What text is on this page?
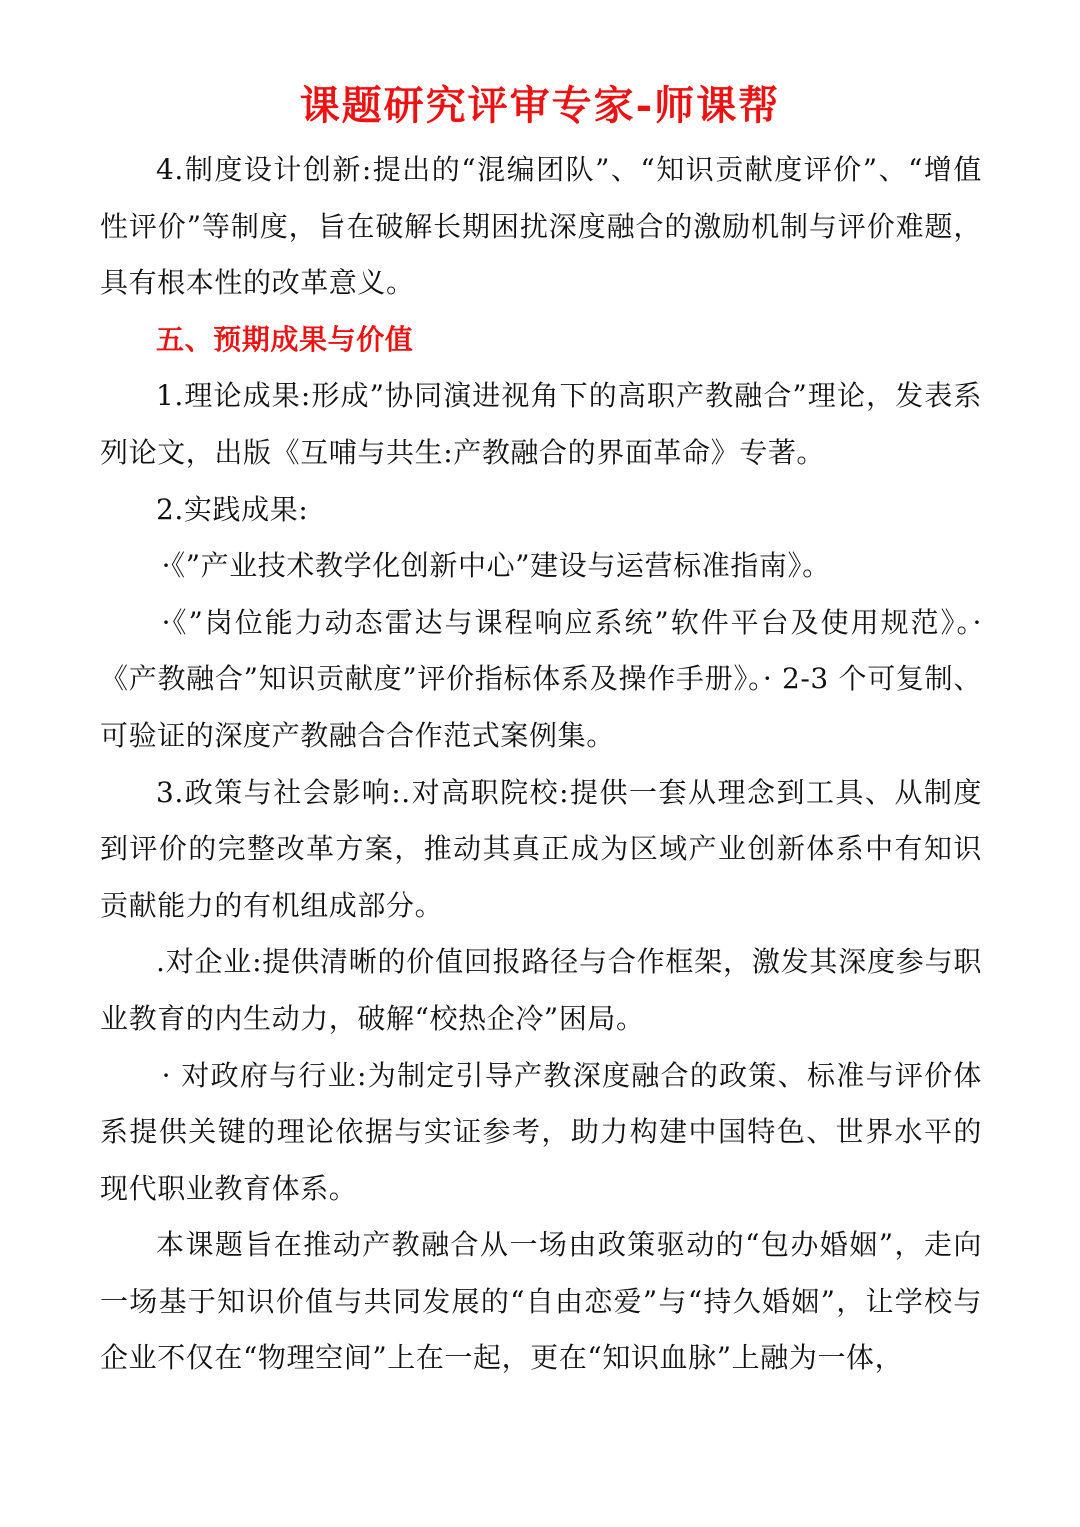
课题研究评审专家-师课帮

4.制度设计创新:提出的“混编团队”、“知识贡献度评价”、“增值性评价”等制度，旨在破解长期困扰深度融合的激励机制与评价难题，具有根本性的改革意义。

五、预期成果与价值

1.理论成果:形成”协同演进视角下的高职产教融合”理论，发表系列论文，出版《互哺与共生:产教融合的界面革命》专著。

2.实践成果:

·《”产业技术教学化创新中心”建设与运营标准指南》。

·《”岗位能力动态雷达与课程响应系统”软件平台及使用规范》。·《产教融合”知识贡献度”评价指标体系及操作手册》。· 2-3 个可复制、可验证的深度产教融合合作范式案例集。

3.政策与社会影响:.对高职院校:提供一套从理念到工具、从制度到评价的完整改革方案，推动其真正成为区域产业创新体系中有知识贡献能力的有机组成部分。

.对企业:提供清晰的价值回报路径与合作框架，激发其深度参与职业教育的内生动力，破解“校热企冷”困局。

· 对政府与行业:为制定引导产教深度融合的政策、标准与评价体系提供关键的理论依据与实证参考，助力构建中国特色、世界水平的现代职业教育体系。

本课题旨在推动产教融合从一场由政策驱动的“包办婚姻”，走向一场基于知识价值与共同发展的“自由恋爱”与“持久婚姻”，让学校与企业不仅在“物理空间”上在一起，更在“知识血脉”上融为一体，
